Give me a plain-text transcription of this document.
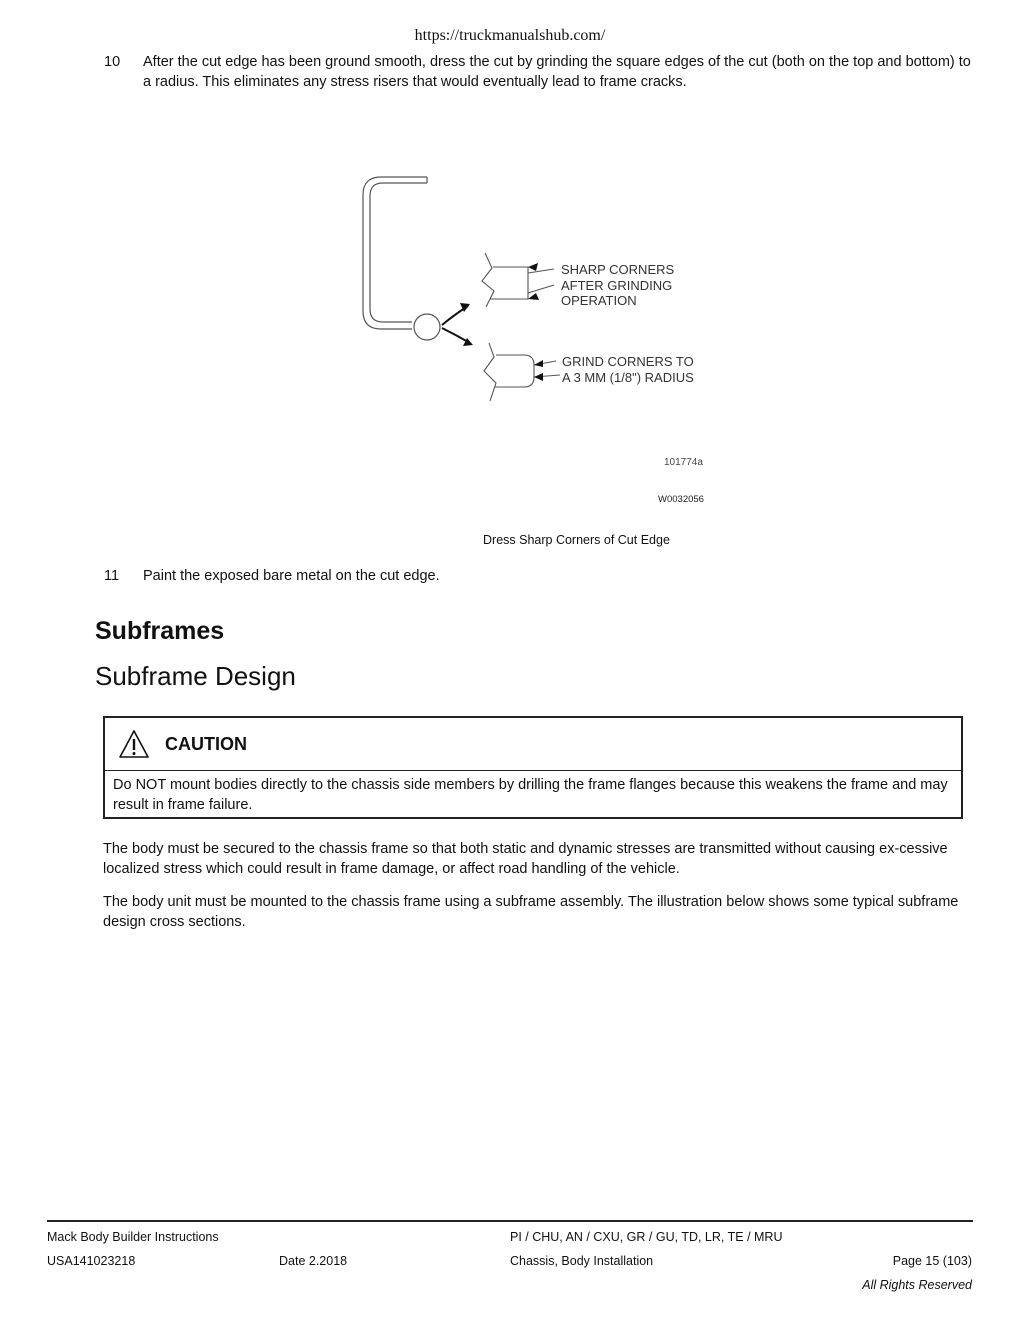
https://truckmanualshub.com/
10 After the cut edge has been ground smooth, dress the cut by grinding the square edges of the cut (both on the top and bottom) to a radius. This eliminates any stress risers that would eventually lead to frame cracks.
SHARP CORNERS
AFTER GRINDING
OPERATION
GRIND CORNERS TO
A 3 MM (1/8") RADIUS
101774a
W0032056
Dress Sharp Corners of Cut Edge
11 Paint the exposed bare metal on the cut edge.
Subframes
Subframe Design
CAUTION
Do NOT mount bodies directly to the chassis side members by drilling the frame flanges because this weakens the frame and may result in frame failure.
The body must be secured to the chassis frame so that both static and dynamic stresses are transmitted without causing ex-cessive localized stress which could result in frame damage, or affect road handling of the vehicle.
The body unit must be mounted to the chassis frame using a subframe assembly. The illustration below shows some typical subframe design cross sections.
Mack Body Builder Instructions	PI / CHU, AN / CXU, GR / GU, TD, LR, TE / MRU
USA141023218	Date 2.2018	Chassis, Body Installation	Page 15 (103)
All Rights Reserved
